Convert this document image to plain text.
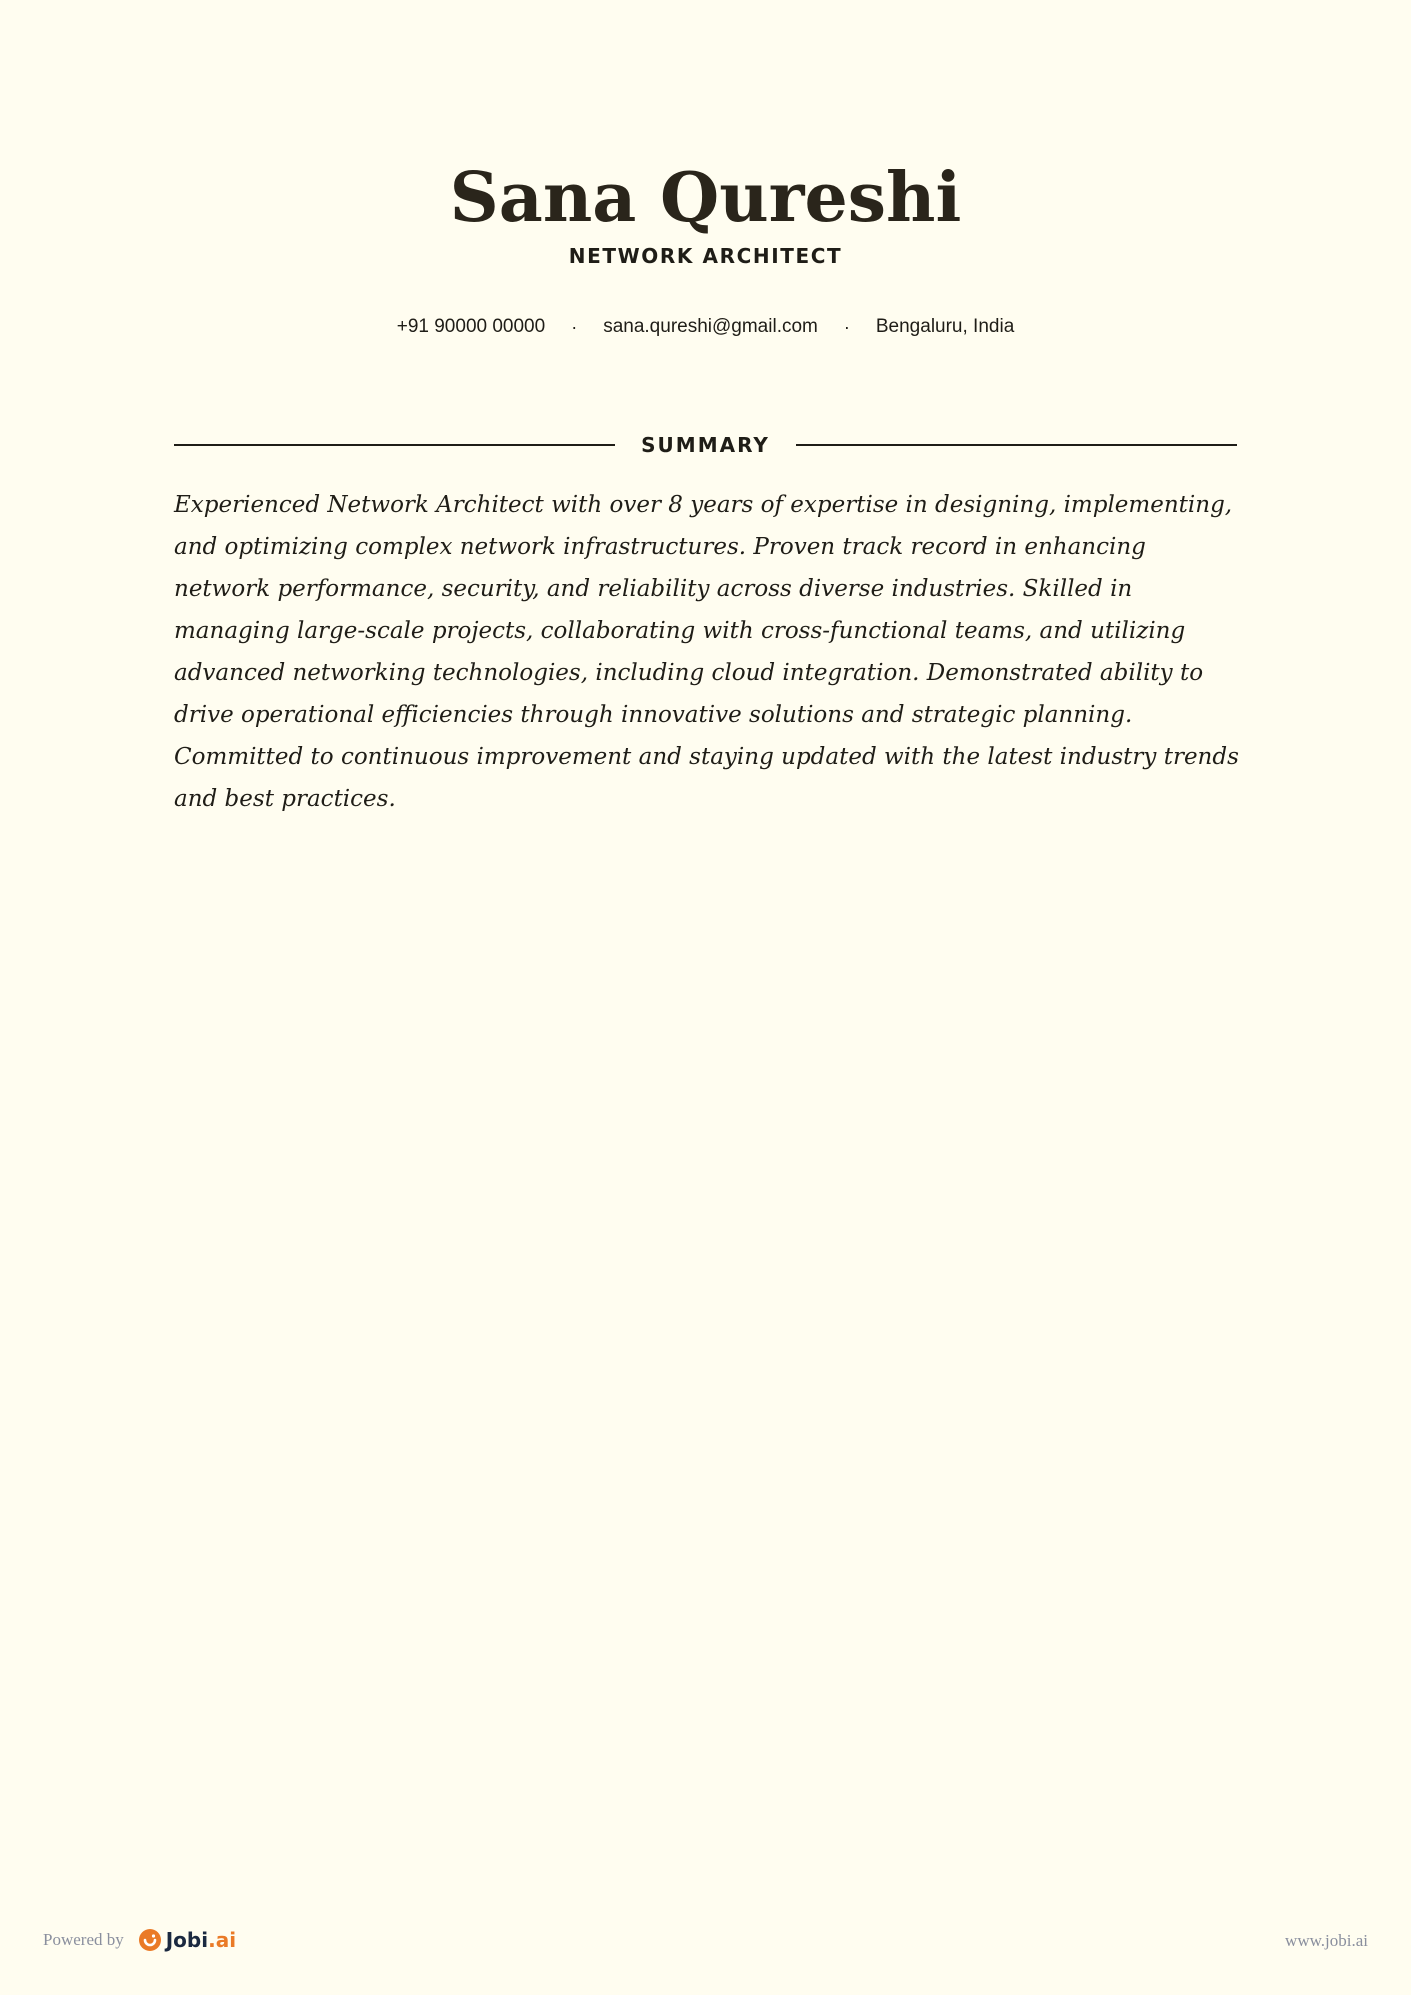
Sana Qureshi
NETWORK ARCHITECT
+91 90000 00000 · sana.qureshi@gmail.com · Bengaluru, India
SUMMARY

Experienced Network Architect with over 8 years of expertise in designing, implementing, and optimizing complex network infrastructures. Proven track record in enhancing network performance, security, and reliability across diverse industries. Skilled in managing large-scale projects, collaborating with cross-functional teams, and utilizing advanced networking technologies, including cloud integration. Demonstrated ability to drive operational efficiencies through innovative solutions and strategic planning. Committed to continuous improvement and staying updated with the latest industry trends and best practices.

Powered by Jobi.ai	www.jobi.ai
